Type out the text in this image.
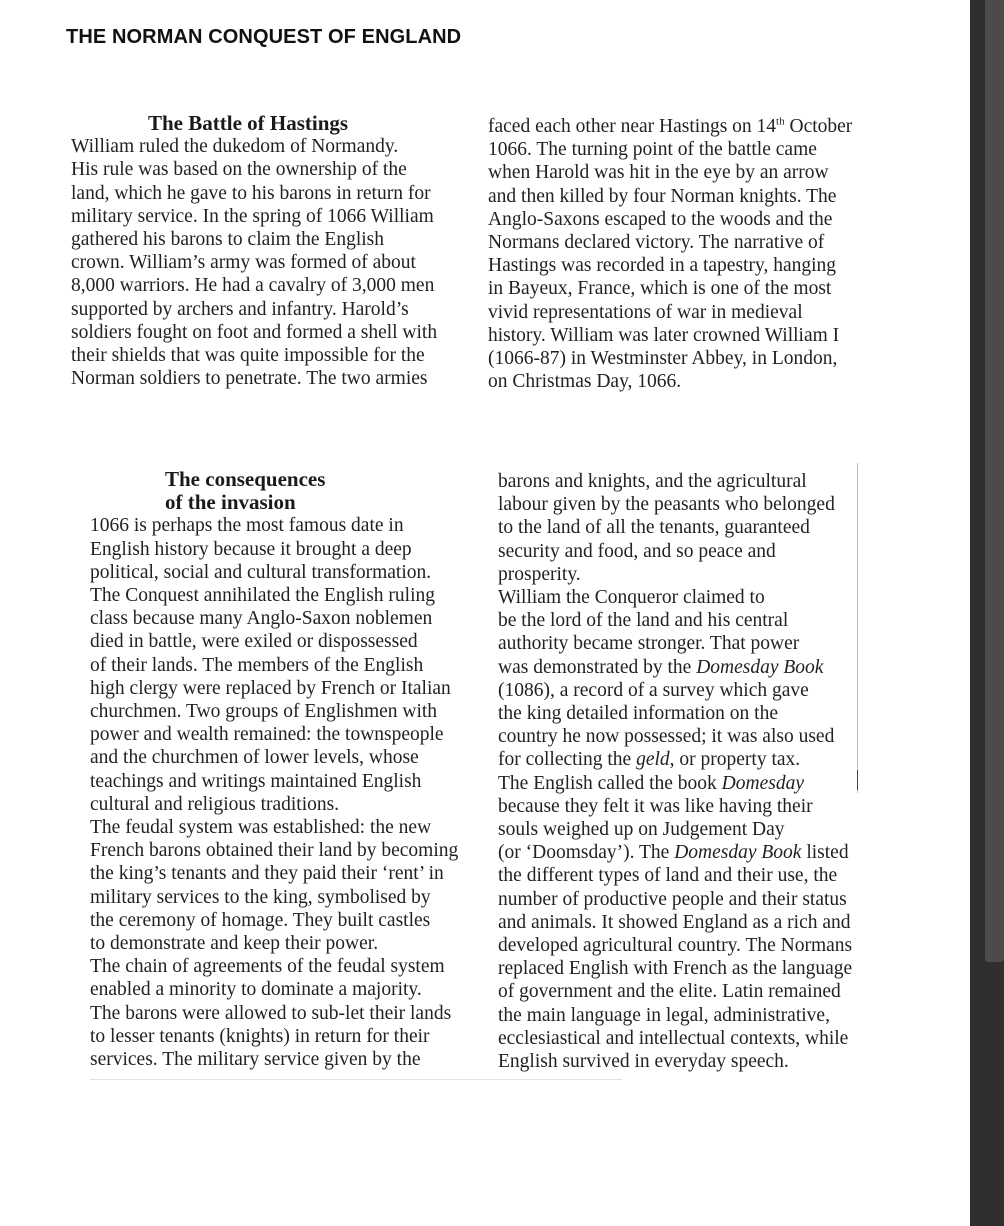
THE NORMAN CONQUEST OF ENGLAND
The Battle of Hastings
William ruled the dukedom of Normandy.
His rule was based on the ownership of the
land, which he gave to his barons in return for
military service. In the spring of 1066 William
gathered his barons to claim the English
crown. William’s army was formed of about
8,000 warriors. He had a cavalry of 3,000 men
supported by archers and infantry. Harold’s
soldiers fought on foot and formed a shell with
their shields that was quite impossible for the
Norman soldiers to penetrate. The two armies
faced each other near Hastings on 14th October
1066. The turning point of the battle came
when Harold was hit in the eye by an arrow
and then killed by four Norman knights. The
Anglo-Saxons escaped to the woods and the
Normans declared victory. The narrative of
Hastings was recorded in a tapestry, hanging
in Bayeux, France, which is one of the most
vivid representations of war in medieval
history. William was later crowned William I
(1066-87) in Westminster Abbey, in London,
on Christmas Day, 1066.
The consequences
of the invasion
1066 is perhaps the most famous date in
English history because it brought a deep
political, social and cultural transformation.
The Conquest annihilated the English ruling
class because many Anglo-Saxon noblemen
died in battle, were exiled or dispossessed
of their lands. The members of the English
high clergy were replaced by French or Italian
churchmen. Two groups of Englishmen with
power and wealth remained: the townspeople
and the churchmen of lower levels, whose
teachings and writings maintained English
cultural and religious traditions.
The feudal system was established: the new
French barons obtained their land by becoming
the king’s tenants and they paid their ‘rent’ in
military services to the king, symbolised by
the ceremony of homage. They built castles
to demonstrate and keep their power.
The chain of agreements of the feudal system
enabled a minority to dominate a majority.
The barons were allowed to sub-let their lands
to lesser tenants (knights) in return for their
services. The military service given by the
barons and knights, and the agricultural
labour given by the peasants who belonged
to the land of all the tenants, guaranteed
security and food, and so peace and
prosperity.
William the Conqueror claimed to
be the lord of the land and his central
authority became stronger. That power
was demonstrated by the Domesday Book
(1086), a record of a survey which gave
the king detailed information on the
country he now possessed; it was also used
for collecting the geld, or property tax.
The English called the book Domesday
because they felt it was like having their
souls weighed up on Judgement Day
(or ‘Doomsday’). The Domesday Book listed
the different types of land and their use, the
number of productive people and their status
and animals. It showed England as a rich and
developed agricultural country. The Normans
replaced English with French as the language
of government and the elite. Latin remained
the main language in legal, administrative,
ecclesiastical and intellectual contexts, while
English survived in everyday speech.
